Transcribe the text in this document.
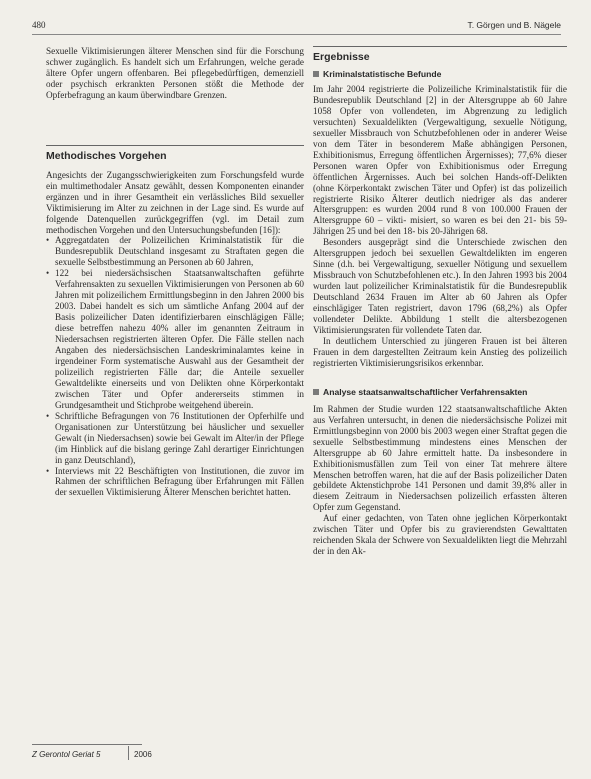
480	T. Görgen und B. Nägele

Sexuelle Viktimisierungen älterer Menschen sind für die Forschung schwer zugänglich. Es handelt sich um Erfahrungen, welche gerade ältere Opfer ungern offenbaren. Bei pflegebedürftigen, demenziell oder psychisch erkrankten Personen stößt die Methode der Opferbefragung an kaum überwindbare Grenzen.

Methodisches Vorgehen

Angesichts der Zugangsschwierigkeiten zum Forschungsfeld wurde ein multimethodaler Ansatz gewählt, dessen Komponenten einander ergänzen und in ihrer Gesamtheit ein verlässliches Bild sexueller Viktimisierung im Alter zu zeichnen in der Lage sind. Es wurde auf folgende Datenquellen zurückgegriffen (vgl. im Detail zum methodischen Vorgehen und den Untersuchungsbefunden [16]):

• Aggregatdaten der Polizeilichen Kriminalstatistik für die Bundesrepublik Deutschland insgesamt zu Straftaten gegen die sexuelle Selbstbestimmung an Personen ab 60 Jahren,
• 122 bei niedersächsischen Staatsanwaltschaften geführte Verfahrensakten zu sexuellen Viktimisierungen von Personen ab 60 Jahren mit polizeilichem Ermittlungsbeginn in den Jahren 2000 bis 2003. Dabei handelt es sich um sämtliche Anfang 2004 auf der Basis polizeilicher Daten identifizierbaren einschlägigen Fälle; diese betreffen nahezu 40% aller im genannten Zeitraum in Niedersachsen registrierten älteren Opfer. Die Fälle stellen nach Angaben des niedersächsischen Landeskriminalamtes keine in irgendeiner Form systematische Auswahl aus der Gesamtheit der polizeilich registrierten Fälle dar; die Anteile sexueller Gewaltdelikte einerseits und von Delikten ohne Körperkontakt zwischen Täter und Opfer andererseits stimmen in Grundgesamtheit und Stichprobe weitgehend überein.
• Schriftliche Befragungen von 76 Institutionen der Opferhilfe und Organisationen zur Unterstützung bei häuslicher und sexueller Gewalt (in Niedersachsen) sowie bei Gewalt im Alter/in der Pflege (im Hinblick auf die bislang geringe Zahl derartiger Einrichtungen in ganz Deutschland),
• Interviews mit 22 Beschäftigten von Institutionen, die zuvor im Rahmen der schriftlichen Befragung über Erfahrungen mit Fällen der sexuellen Viktimisierung Älterer Menschen berichtet hatten.
Ergebnisse
Kriminalstatistische Befunde

Im Jahr 2004 registrierte die Polizeiliche Kriminalstatistik für die Bundesrepublik Deutschland [2] in der Altersgruppe ab 60 Jahre 1058 Opfer von vollendeten, im Abgrenzung zu lediglich versuchten) Sexualdelikten (Vergewaltigung, sexuelle Nötigung, sexueller Missbrauch von Schutzbefohlenen oder in anderer Weise von dem Täter in besonderem Maße abhängigen Personen, Exhibitionismus, Erregung öffentlichen Ärgernisses); 77,6% dieser Personen waren Opfer von Exhibitionismus oder Erregung öffentlichen Ärgernisses. Auch bei solchen Hands-off-Delikten (ohne Körperkontakt zwischen Täter und Opfer) ist das polizeilich registrierte Risiko Älterer deutlich niedriger als das anderer Altersgruppen: es wurden 2004 rund 8 von 100.000 Frauen der Altersgruppe 60 – vikti- misiert, so waren es bei den 21- bis 59-Jährigen 25 und bei den 18- bis 20-Jährigen 68.

Besonders ausgeprägt sind die Unterschiede zwischen den Altersgruppen jedoch bei sexuellen Gewaltdelikten im engeren Sinne (d.h. bei Vergewaltigung, sexueller Nötigung und sexuellem Missbrauch von Schutzbefohlenen etc.). In den Jahren 1993 bis 2004 wurden laut polizeilicher Kriminalstatistik für die Bundesrepublik Deutschland 2634 Frauen im Alter ab 60 Jahren als Opfer einschlägiger Taten registriert, davon 1796 (68,2%) als Opfer vollendeter Delikte. Abbildung 1 stellt die altersbezogenen Viktimisierungsraten für vollendete Taten dar.

In deutlichem Unterschied zu jüngeren Frauen ist bei älteren Frauen in dem dargestellten Zeitraum kein Anstieg des polizeilich registrierten Viktimisierungsrisikos erkennbar.

Analyse staatsanwaltschaftlicher Verfahrensakten

Im Rahmen der Studie wurden 122 staatsanwaltschaftliche Akten aus Verfahren untersucht, in denen die niedersächsische Polizei mit Ermittlungsbeginn von 2000 bis 2003 wegen einer Straftat gegen die sexuelle Selbstbestimmung mindestens eines Menschen der Altersgruppe ab 60 Jahre ermittelt hatte. Da insbesondere in Exhibitionismusfällen zum Teil von einer Tat mehrere ältere Menschen betroffen waren, hat die auf der Basis polizeilicher Daten gebildete Aktenstichprobe 141 Personen und damit 39,8% aller in diesem Zeitraum in Niedersachsen polizeilich erfassten älteren Opfer zum Gegenstand.

Auf einer gedachten, von Taten ohne jeglichen Körperkontakt zwischen Täter und Opfer bis zu gravierendsten Gewalttaten reichenden Skala der Schwere von Sexualdelikten liegt die Mehrzahl der in den Ak-

Z Gerontol Geriat 5	2006
